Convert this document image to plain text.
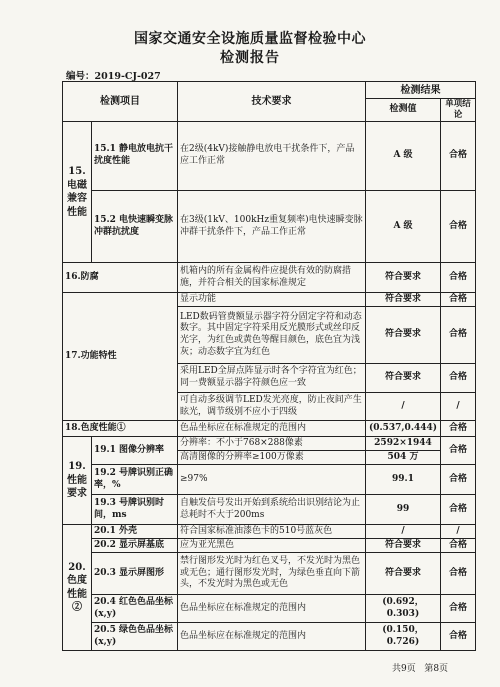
国家交通安全设施质量监督检验中心
检测报告
编号：2019-CJ-027
检测项目		技术要求	检测结果	
			检测值	单项结论
15.电磁兼容性能	15.1 静电放电抗干扰度性能	在2级(4kV)接触静电放电干扰条件下，产品应工作正常	A 级	合格
	15.2 电快速瞬变脉冲群抗扰度	在3级(1kV、100kHz重复频率)电快速瞬变脉冲群干扰条件下，产品工作正常	A 级	合格
16.防腐		机箱内的所有金属构件应提供有效的防腐措施，并符合相关的国家标准规定	符合要求	合格
17.功能特性		显示功能	符合要求	合格
		LED数码管费额显示器字符分固定字符和动态数字。其中固定字符采用反光膜形式或丝印反光字，为红色或黄色等醒目颜色，底色宜为浅灰；动态数字宜为红色	符合要求	合格
		采用LED全屏点阵显示时各个字符宜为红色；同一费额显示器字符颜色应一致	符合要求	合格
		可自动多级调节LED发光亮度，防止夜间产生眩光，调节级别不应小于四级	/	/
18.色度性能①		色品坐标应在标准规定的范围内	(0.537,0.444)	合格
19.性能要求	19.1 图像分辨率	分辨率：不小于768×288像素	2592×1944	合格
		高清图像的分辨率≥100万像素	504 万	
	19.2 号牌识别正确率，%	≥97%	99.1	合格
	19.3 号牌识别时间，ms	自触发信号发出开始到系统给出识别结论为止总耗时不大于200ms	99	合格
20.色度性能②	20.1 外壳	符合国家标准油漆色卡的510号蓝灰色	/	/
	20.2 显示屏基底	应为亚光黑色	符合要求	合格
	20.3 显示屏图形	禁行图形发光时为红色叉号，不发光时为黑色或无色；通行图形发光时，为绿色垂直向下箭头，不发光时为黑色或无色	符合要求	合格
	20.4 红色色品坐标(x,y)	色品坐标应在标准规定的范围内	(0.692，0.303)	合格
	20.5 绿色色品坐标(x,y)	色品坐标应在标准规定的范围内	(0.150，0.726)	合格
共9页 第8页
